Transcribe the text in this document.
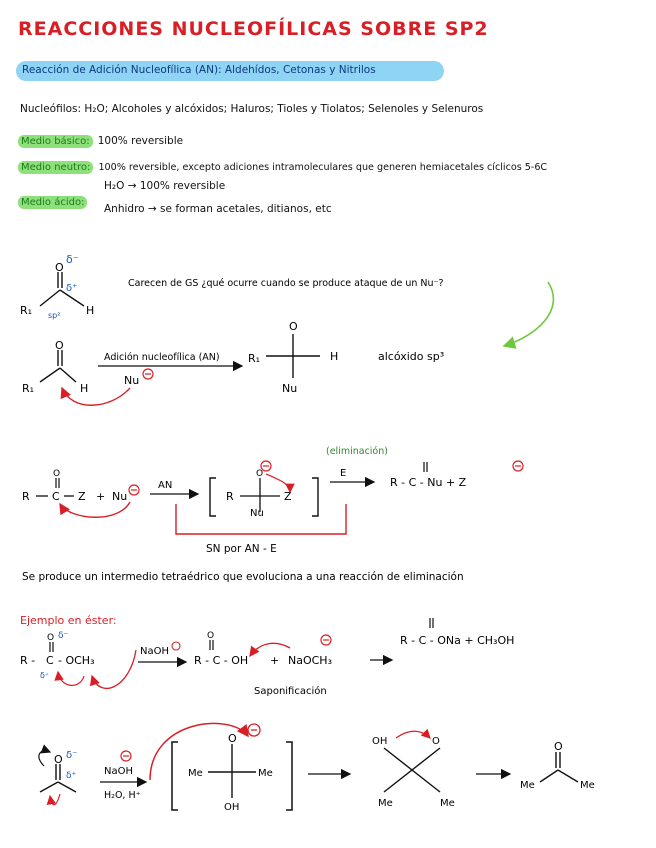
REACCIONES NUCLEOFÍLICAS SOBRE SP2
Reacción de Adición Nucleofílica (AN): Aldehídos, Cetonas y Nitrilos
Nucleófilos: H₂O; Alcoholes y alcóxidos; Haluros; Tioles y Tiolatos; Selenoles y Selenuros
Medio básico: 100% reversible
Medio neutro: 100% reversible, excepto adiciones intramoleculares que generen hemiacetales cíclicos 5-6C
Medio ácido:
H₂O → 100% reversible
Anhidro → se forman acetales, ditianos, etc
O
δ⁻
δ⁺
sp²
R₁	H
Carecen de GS ¿qué ocurre cuando se produce ataque de un Nu⁻?
O
R₁	H
Nu
Adición nucleofílica (AN)	R₁
O
H
Nu
alcóxido sp³
(eliminación)
R C
O
Z + Nu
AN
R
O
Z
Nu
E
R - C - Nu + Z
SN por AN - E
Se produce un intermedio tetraédrico que evoluciona a una reacción de eliminación
Ejemplo en éster:
R - C
O δ⁻
δ⁺
- OCH₃
NaOH
R - C - OH
O
+ NaOCH₃
R - C - ONa + CH₃OH
Saponificación
O δ⁻
δ⁺	NaOH
H₂O, H⁺
O
Me	Me
OH
OH	O
Me	Me
O
Me	Me
